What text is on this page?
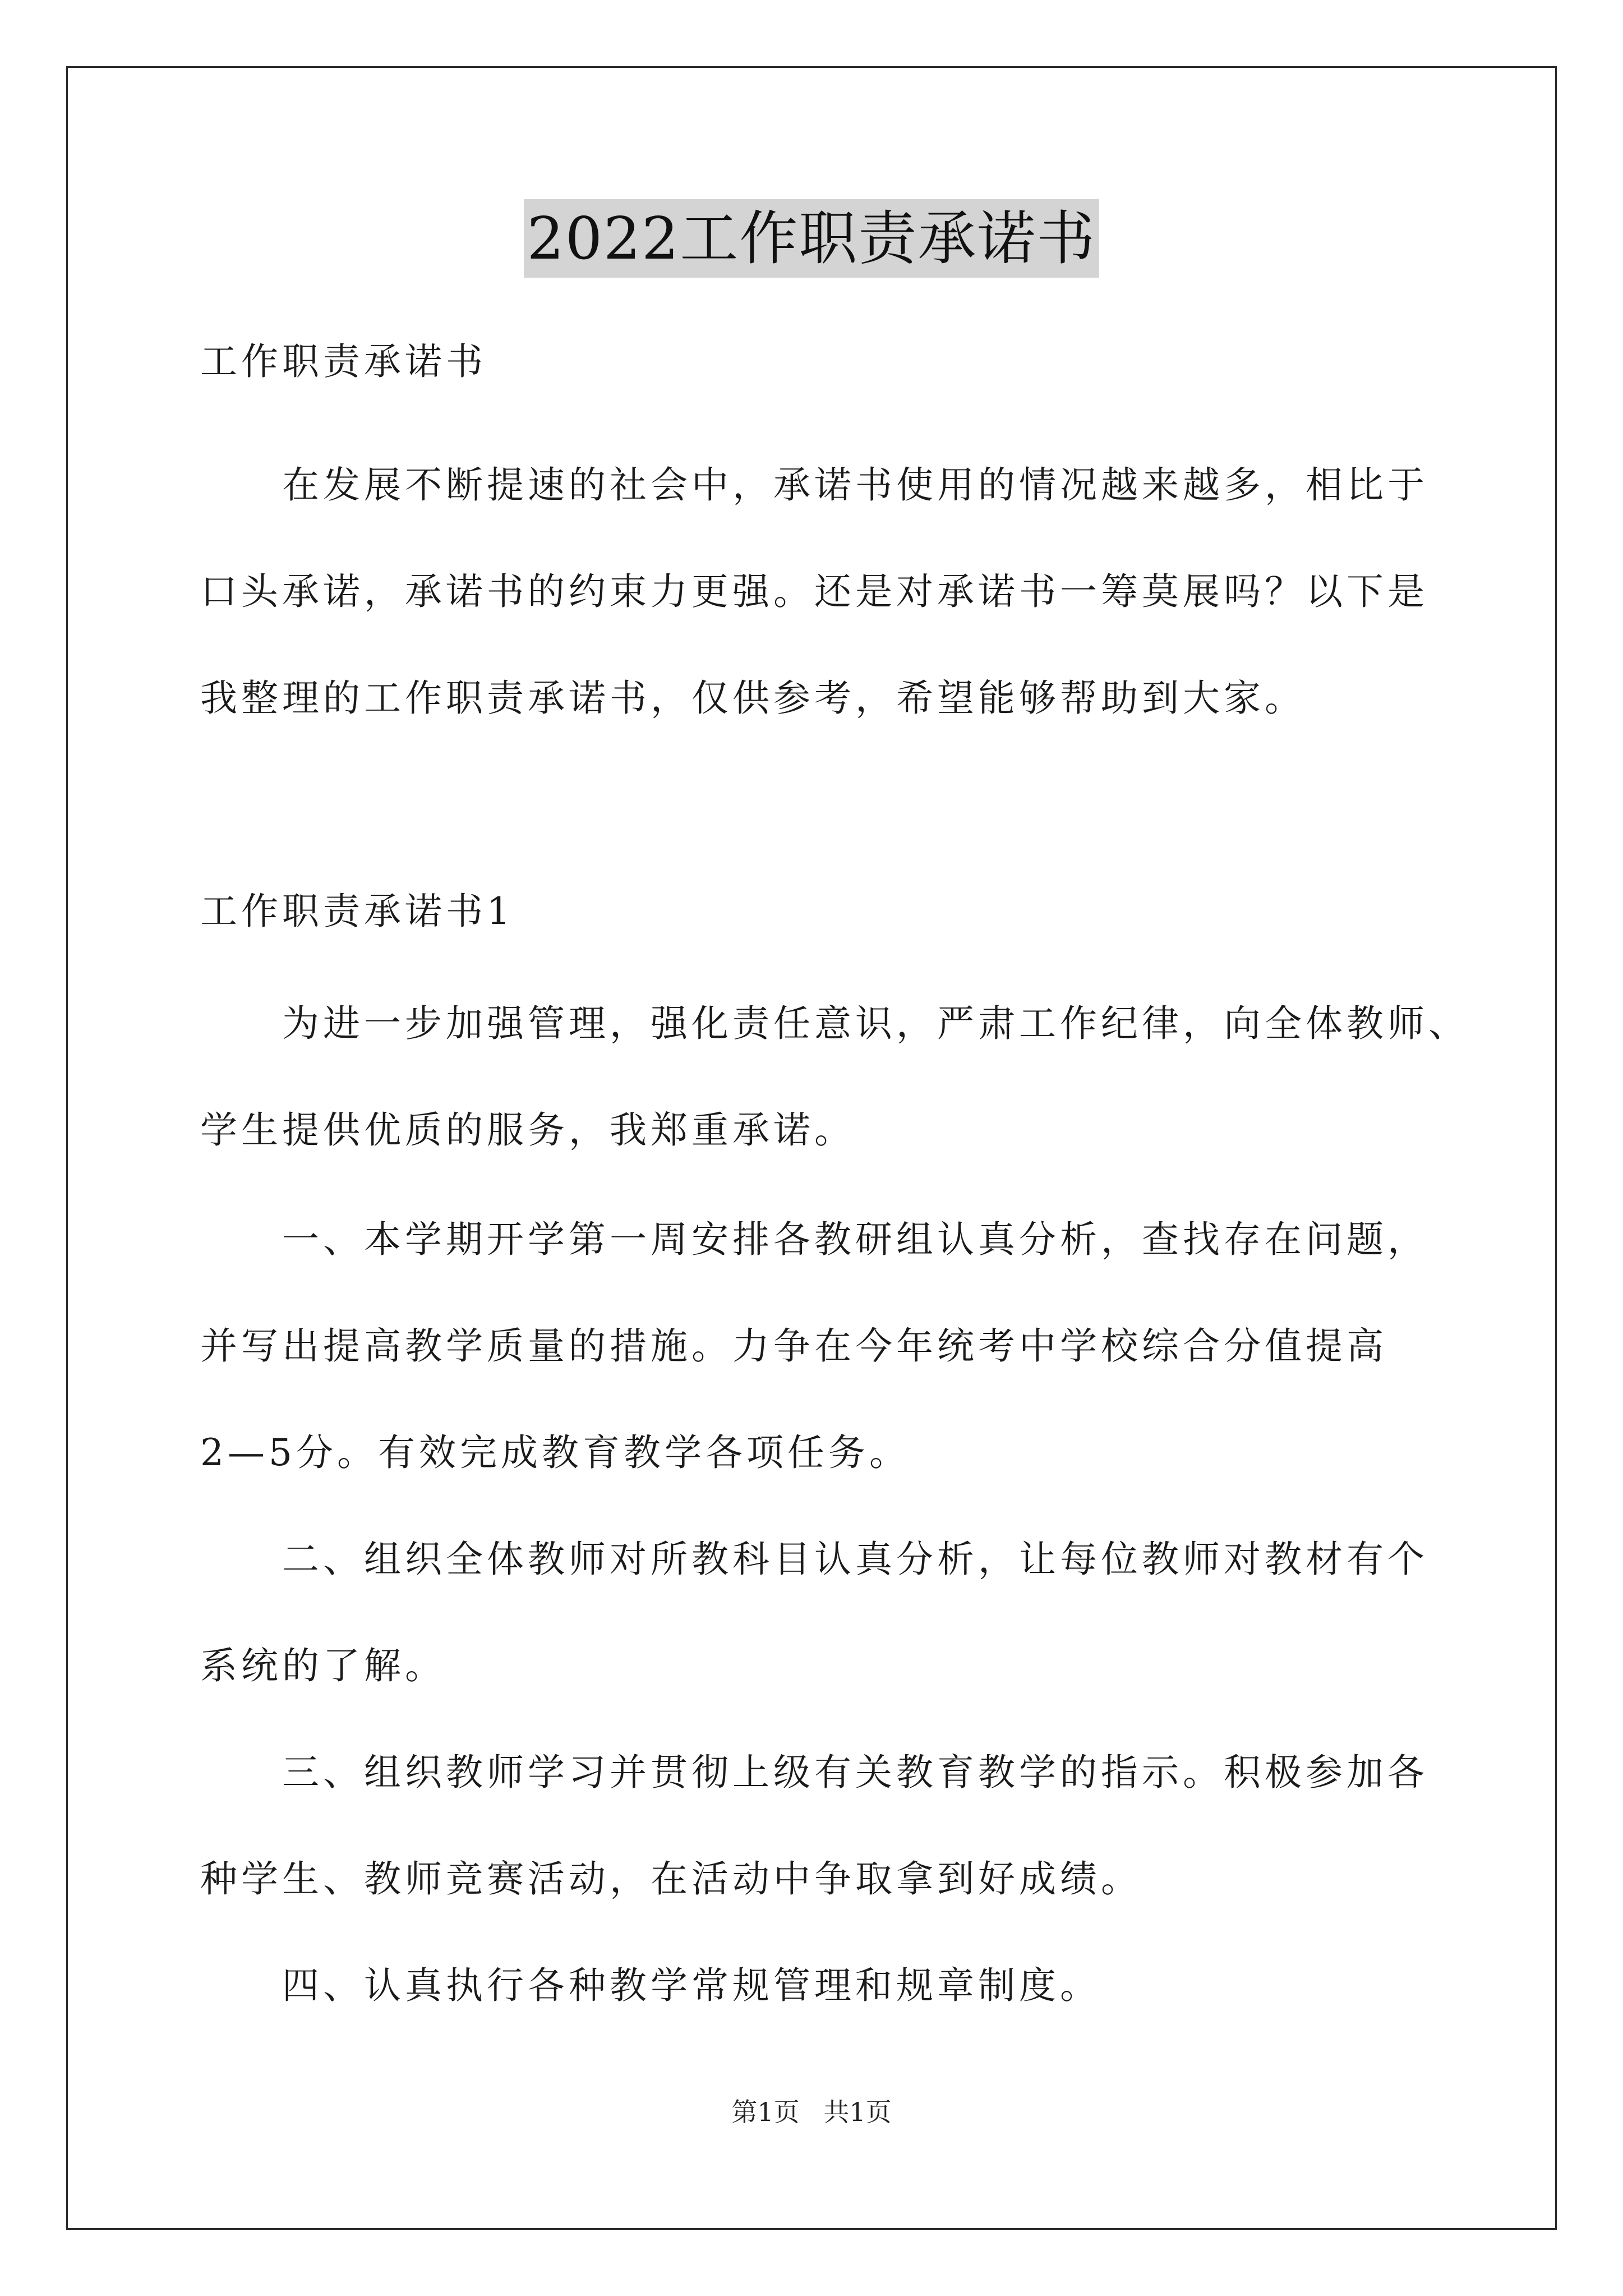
2022工作职责承诺书
工作职责承诺书
在发展不断提速的社会中，承诺书使用的情况越来越多，相比于
口头承诺，承诺书的约束力更强。还是对承诺书一筹莫展吗？以下是
我整理的工作职责承诺书，仅供参考，希望能够帮助到大家。
工作职责承诺书1
为进一步加强管理，强化责任意识，严肃工作纪律，向全体教师、
学生提供优质的服务，我郑重承诺。
一、本学期开学第一周安排各教研组认真分析，查找存在问题，
并写出提高教学质量的措施。力争在今年统考中学校综合分值提高
2—5分。有效完成教育教学各项任务。
二、组织全体教师对所教科目认真分析，让每位教师对教材有个
系统的了解。
三、组织教师学习并贯彻上级有关教育教学的指示。积极参加各
种学生、教师竞赛活动，在活动中争取拿到好成绩。
四、认真执行各种教学常规管理和规章制度。
第1页 共1页
